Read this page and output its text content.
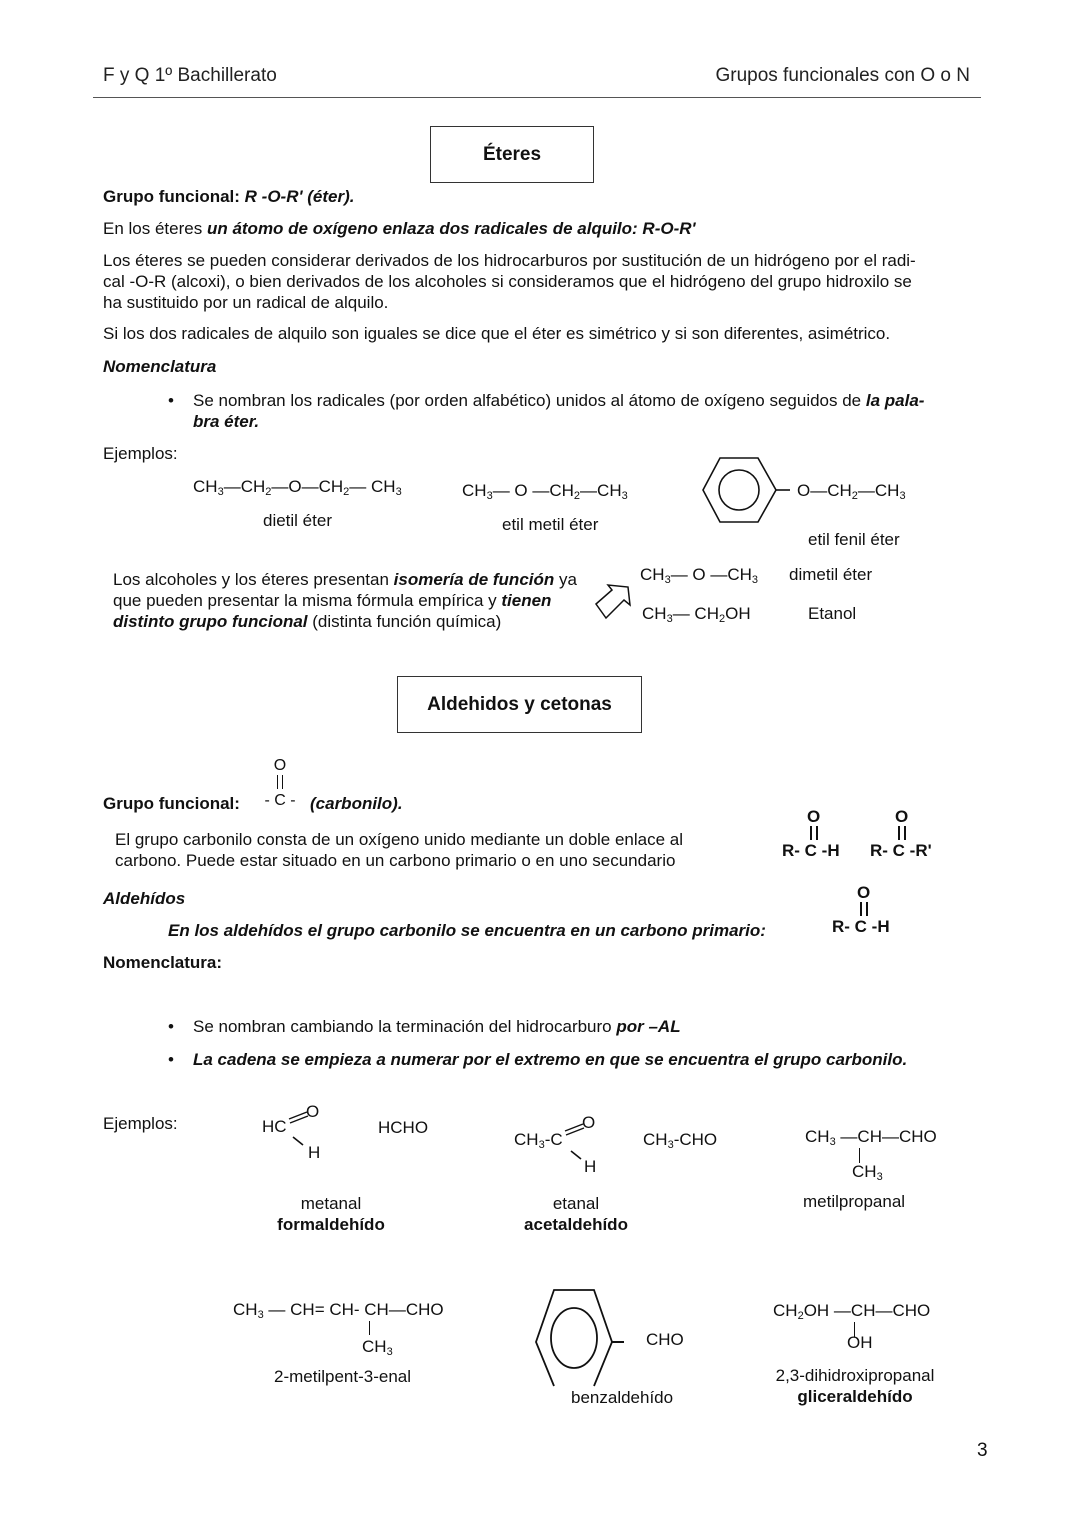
F y Q 1º Bachillerato	Grupos funcionales con O o N
Éteres
Grupo funcional: R -O-R' (éter).
En los éteres un átomo de oxígeno enlaza dos radicales de alquilo: R-O-R'
Los éteres se pueden considerar derivados de los hidrocarburos por sustitución de un hidrógeno por el radi-
cal -O-R (alcoxi), o bien derivados de los alcoholes si consideramos que el hidrógeno del grupo hidroxilo se
ha sustituido por un radical de alquilo.
Si los dos radicales de alquilo son iguales se dice que el éter es simétrico y si son diferentes, asimétrico.
Nomenclatura
• Se nombran los radicales (por orden alfabético) unidos al átomo de oxígeno seguidos de la pala-
bra éter.
Ejemplos:
$CH_3—CH_2—O—CH_2—$ $CH_3$
dietil éter
$CH_3—$ O $—CH_2—CH_3$
etil metil éter
$O—CH_2—CH_3$
etil fenil éter
Los alcoholes y los éteres presentan isomería de función ya
que pueden presentar la misma fórmula empírica y tienen
distinto grupo funcional (distinta función química)
$CH_3—$ O $—CH_3$ dimetil éter
$CH_3—$ $CH_2OH$	Etanol
Aldehidos y cetonas
Grupo funcional:
O
- C - (carbonilo).
El grupo carbonilo consta de un oxígeno unido mediante un doble enlace al
carbono. Puede estar situado en un carbono primario o en uno secundario
O
R- C -H
O
R- C -R'
Aldehídos
En los aldehídos el grupo carbonilo se encuentra en un carbono primario:
O
R- C -H
Nomenclatura:
• Se nombran cambiando la terminación del hidrocarburo por –AL
• La cadena se empieza a numerar por el extremo en que se encuentra el grupo carbonilo.
Ejemplos:	HC
O
H
HCHO
metanal
formaldehído
$CH_3-C$
O
H
$CH_3$-CHO
etanal
acetaldehído
$CH_3$ —CH—CHO
$CH_3$
metilpropanal
$CH_3$ — CH= CH- CH—CHO
$CH_3$
2-metilpent-3-enal
CHO
benzaldehído
$CH_2OH$ —CH—CHO
OH
2,3-dihidroxipropanal
gliceraldehído
3
